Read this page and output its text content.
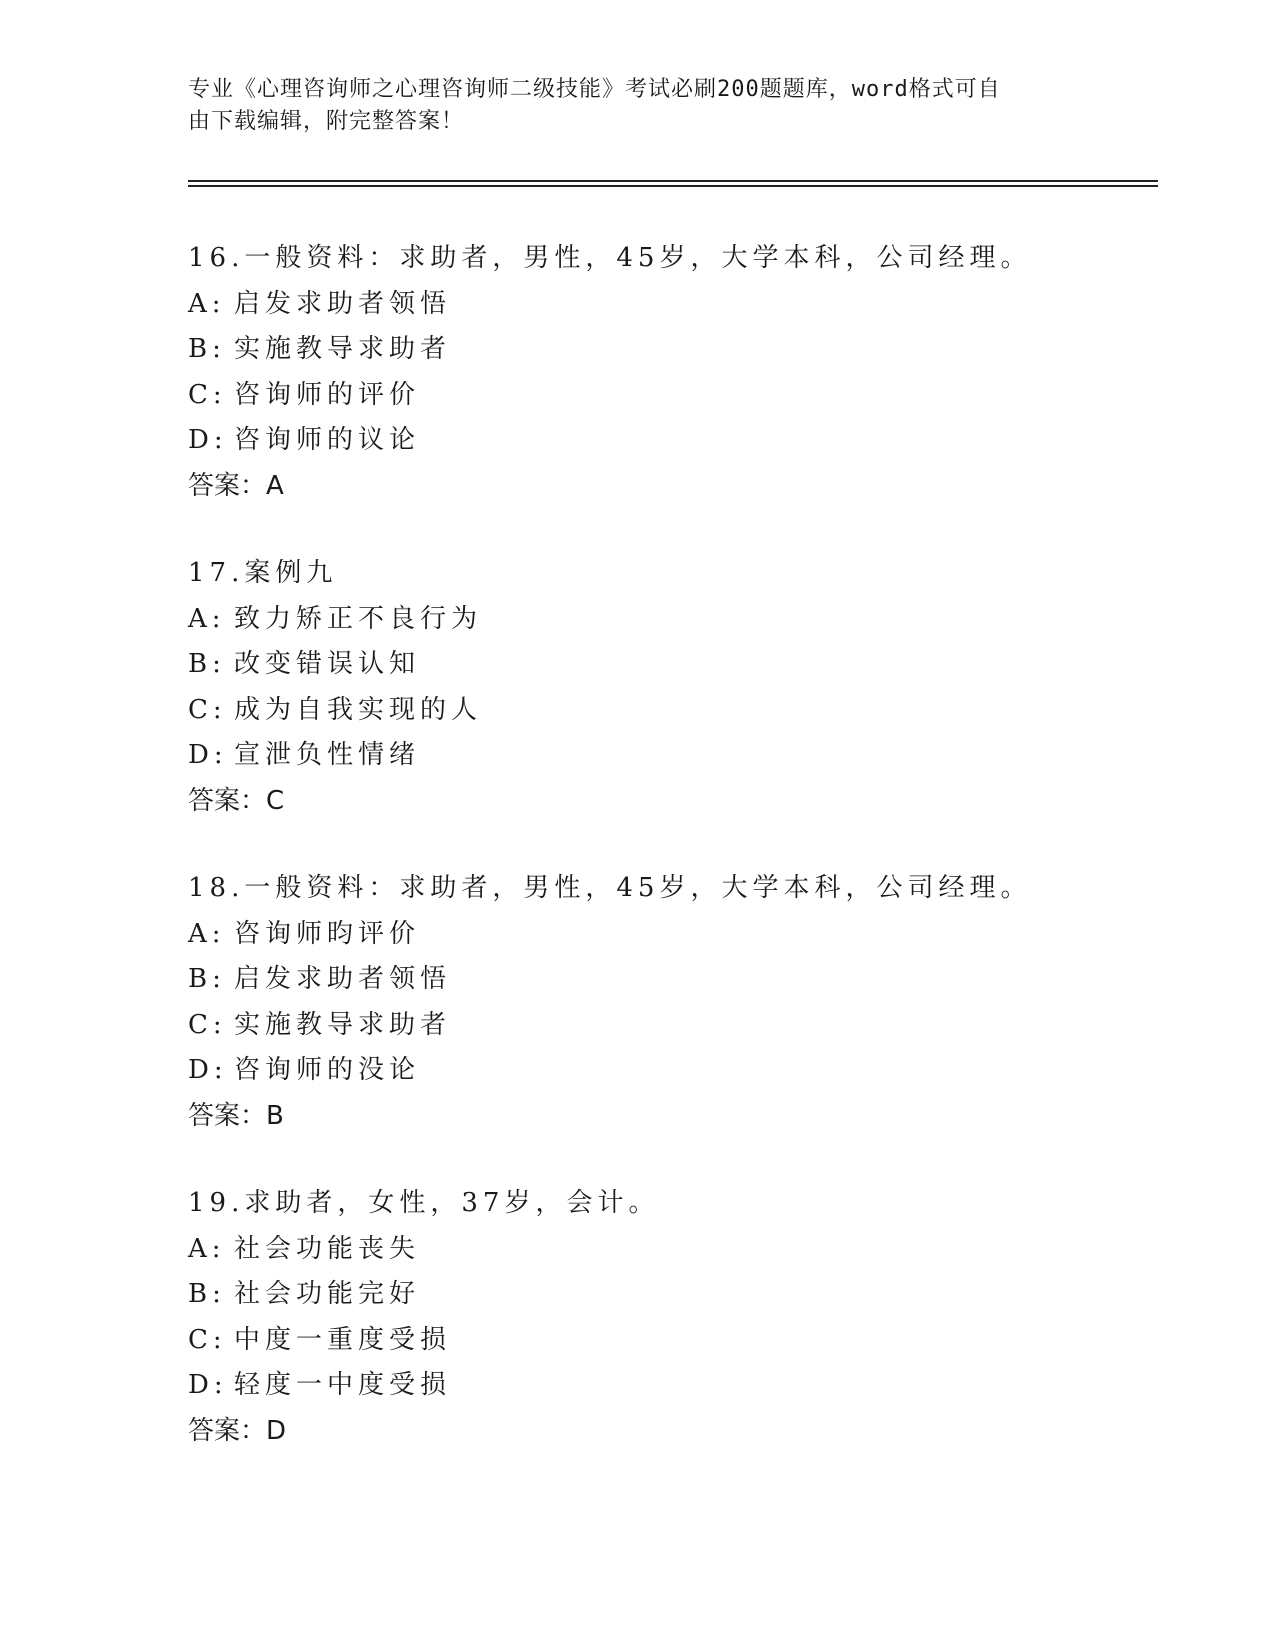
专业《心理咨询师之心理咨询师二级技能》考试必刷200题题库，word格式可自
由下载编辑，附完整答案！
16. 一般资料：求助者，男性，45岁，大学本科，公司经理。
A: 启发求助者领悟
B: 实施教导求助者
C: 咨询师的评价
D: 咨询师的议论
答案：A
17. 案例九
A: 致力矫正不良行为
B: 改变错误认知
C: 成为自我实现的人
D: 宣泄负性情绪
答案：C
18. 一般资料：求助者，男性，45岁，大学本科，公司经理。
A: 咨询师昀评价
B: 启发求助者领悟
C: 实施教导求助者
D: 咨询师的没论
答案：B
19. 求助者，女性，37岁，会计。
A: 社会功能丧失
B: 社会功能完好
C: 中度一重度受损
D: 轻度一中度受损
答案：D
